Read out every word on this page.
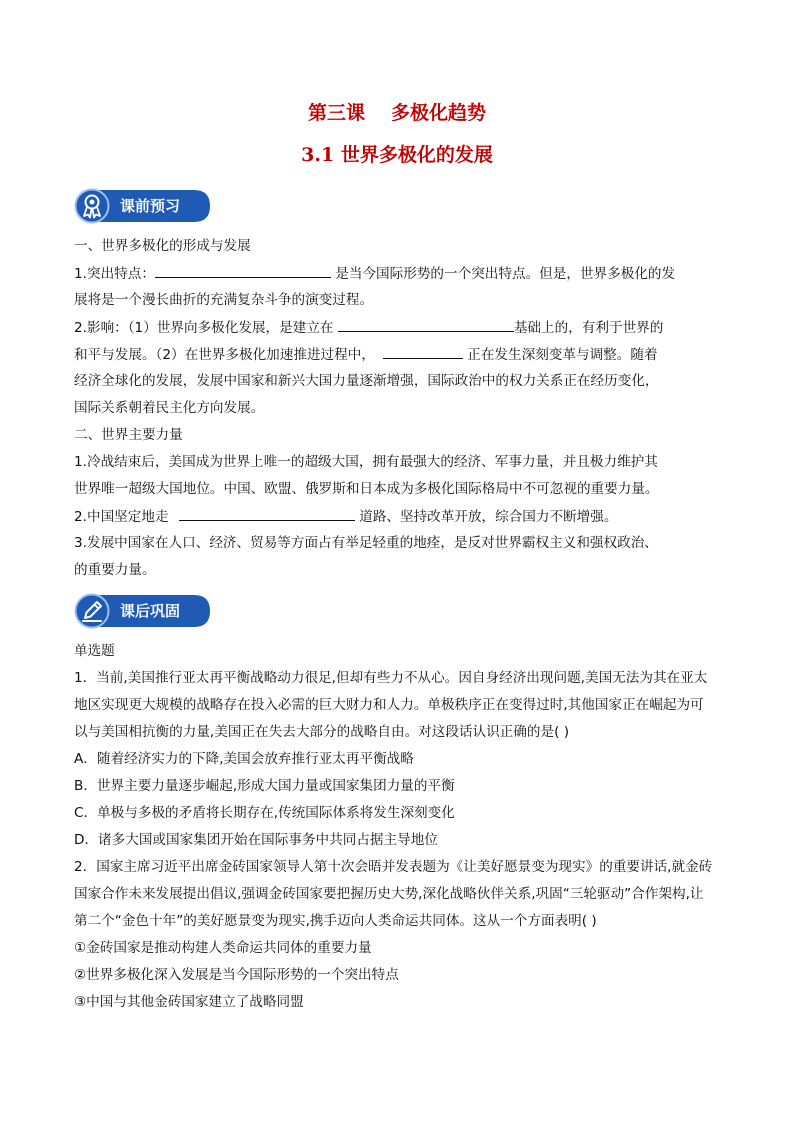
第三课 多极化趋势
3.1 世界多极化的发展
课前预习
一、世界多极化的形成与发展
1.突出特点：	是当今国际形势的一个突出特点。但是，世界多极化的发
展将是一个漫长曲折的充满复杂斗争的演变过程。
2.影响：（1）世界向多极化发展，是建立在	基础上的，有利于世界的
和平与发展。（2）在世界多极化加速推进过程中，	正在发生深刻变革与调整。随着
经济全球化的发展，发展中国家和新兴大国力量逐渐增强，国际政治中的权力关系正在经历变化，
国际关系朝着民主化方向发展。
二、世界主要力量
1.冷战结束后，美国成为世界上唯一的超级大国，拥有最强大的经济、军事力量，并且极力维护其
世界唯一超级大国地位。中国、欧盟、俄罗斯和日本成为多极化国际格局中不可忽视的重要力量。
2.中国坚定地走	道路、坚持改革开放，综合国力不断增强。
3.发展中国家在人口、经济、贸易等方面占有举足轻重的地痊，是反对世界霸权主义和强权政治、
的重要力量。
课后巩固
单选题
1．当前,美国推行亚太再平衡战略动力很足,但却有些力不从心。因自身经济出现问题,美国无法为其在亚太
地区实现更大规模的战略存在投入必需的巨大财力和人力。单极秩序正在变得过时,其他国家正在崛起为可
以与美国相抗衡的力量,美国正在失去大部分的战略自由。对这段话认识正确的是( )
A．随着经济实力的下降,美国会放弃推行亚太再平衡战略
B．世界主要力量逐步崛起,形成大国力量或国家集团力量的平衡
C．单极与多极的矛盾将长期存在,传统国际体系将发生深刻变化
D．诸多大国或国家集团开始在国际事务中共同占据主导地位
2．国家主席习近平出席金砖国家领导人第十次会晤并发表题为《让美好愿景变为现实》的重要讲话,就金砖
国家合作未来发展提出倡议,强调金砖国家要把握历史大势,深化战略伙伴关系,巩固“三轮驱动”合作架构,让
第二个“金色十年”的美好愿景变为现实,携手迈向人类命运共同体。这从一个方面表明( )
①金砖国家是推动构建人类命运共同体的重要力量
②世界多极化深入发展是当今国际形势的一个突出特点
③中国与其他金砖国家建立了战略同盟
